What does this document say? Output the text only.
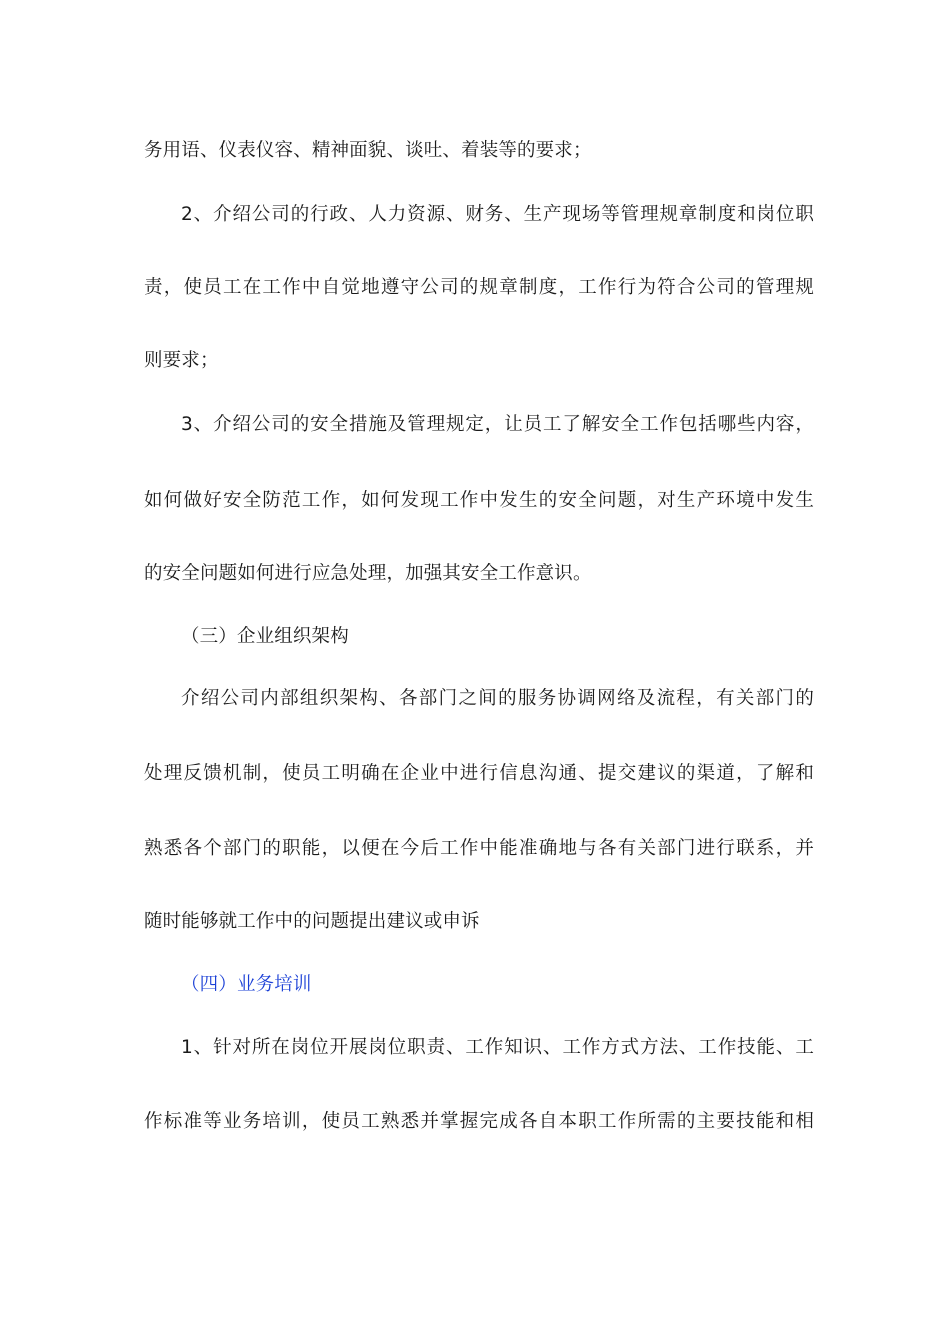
务用语、仪表仪容、精神面貌、谈吐、着装等的要求；
2、介绍公司的行政、人力资源、财务、生产现场等管理规章制度和岗位职
责，使员工在工作中自觉地遵守公司的规章制度，工作行为符合公司的管理规
则要求；
3、介绍公司的安全措施及管理规定，让员工了解安全工作包括哪些内容，
如何做好安全防范工作，如何发现工作中发生的安全问题，对生产环境中发生
的安全问题如何进行应急处理，加强其安全工作意识。
（三）企业组织架构
介绍公司内部组织架构、各部门之间的服务协调网络及流程，有关部门的
处理反馈机制，使员工明确在企业中进行信息沟通、提交建议的渠道，了解和
熟悉各个部门的职能，以便在今后工作中能准确地与各有关部门进行联系，并
随时能够就工作中的问题提出建议或申诉
（四）业务培训
1、针对所在岗位开展岗位职责、工作知识、工作方式方法、工作技能、工
作标准等业务培训，使员工熟悉并掌握完成各自本职工作所需的主要技能和相
